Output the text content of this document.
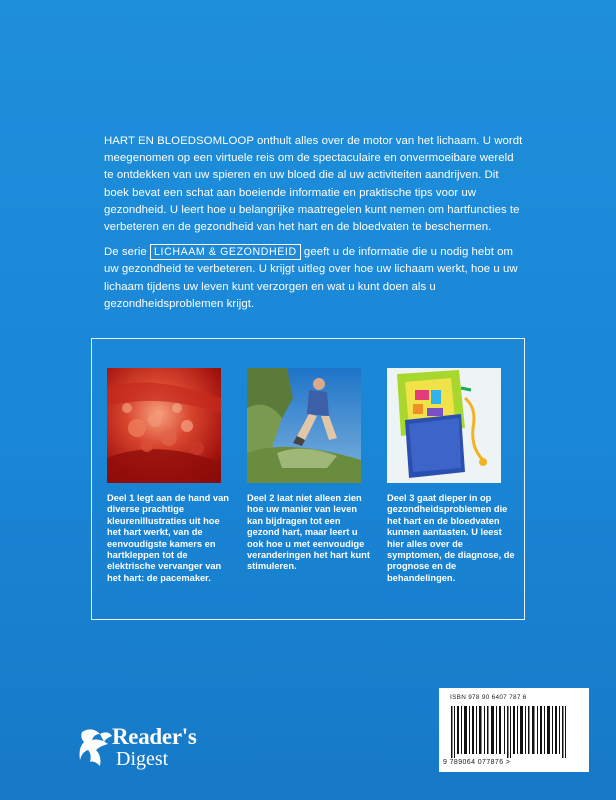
HART EN BLOEDSOMLOOP onthult alles over de motor van het lichaam. U wordt meegenomen op een virtuele reis om de spectaculaire en onvermoeibare wereld te ontdekken van uw spieren en uw bloed die al uw activiteiten aandrijven. Dit boek bevat een schat aan boeiende informatie en praktische tips voor uw gezondheid. U leert hoe u belangrijke maatregelen kunt nemen om hartfuncties te verbeteren en de gezondheid van het hart en de bloedvaten te beschermen.

De serie LICHAAM & GEZONDHEID geeft u de informatie die u nodig hebt om uw gezondheid te verbeteren. U krijgt uitleg over hoe uw lichaam werkt, hoe u uw lichaam tijdens uw leven kunt verzorgen en wat u kunt doen als u gezondheidsproblemen krijgt.

Deel 1 legt aan de hand van diverse prachtige kleurenillustraties uit hoe het hart werkt, van de eenvoudigste kamers en hartkleppen tot de elektrische vervanger van het hart: de pacemaker.
Deel 2 laat niet alleen zien hoe uw manier van leven kan bijdragen tot een gezond hart, maar leert u ook hoe u met eenvoudige veranderingen het hart kunt stimuleren.
Deel 3 gaat dieper in op gezondheidsproblemen die het hart en de bloedvaten kunnen aantasten. U leest hier alles over de symptomen, de diagnose, de prognose en de behandelingen.
ISBN 978 90 6407 787 6
9 789064 077876 >
Reader's
Digest
